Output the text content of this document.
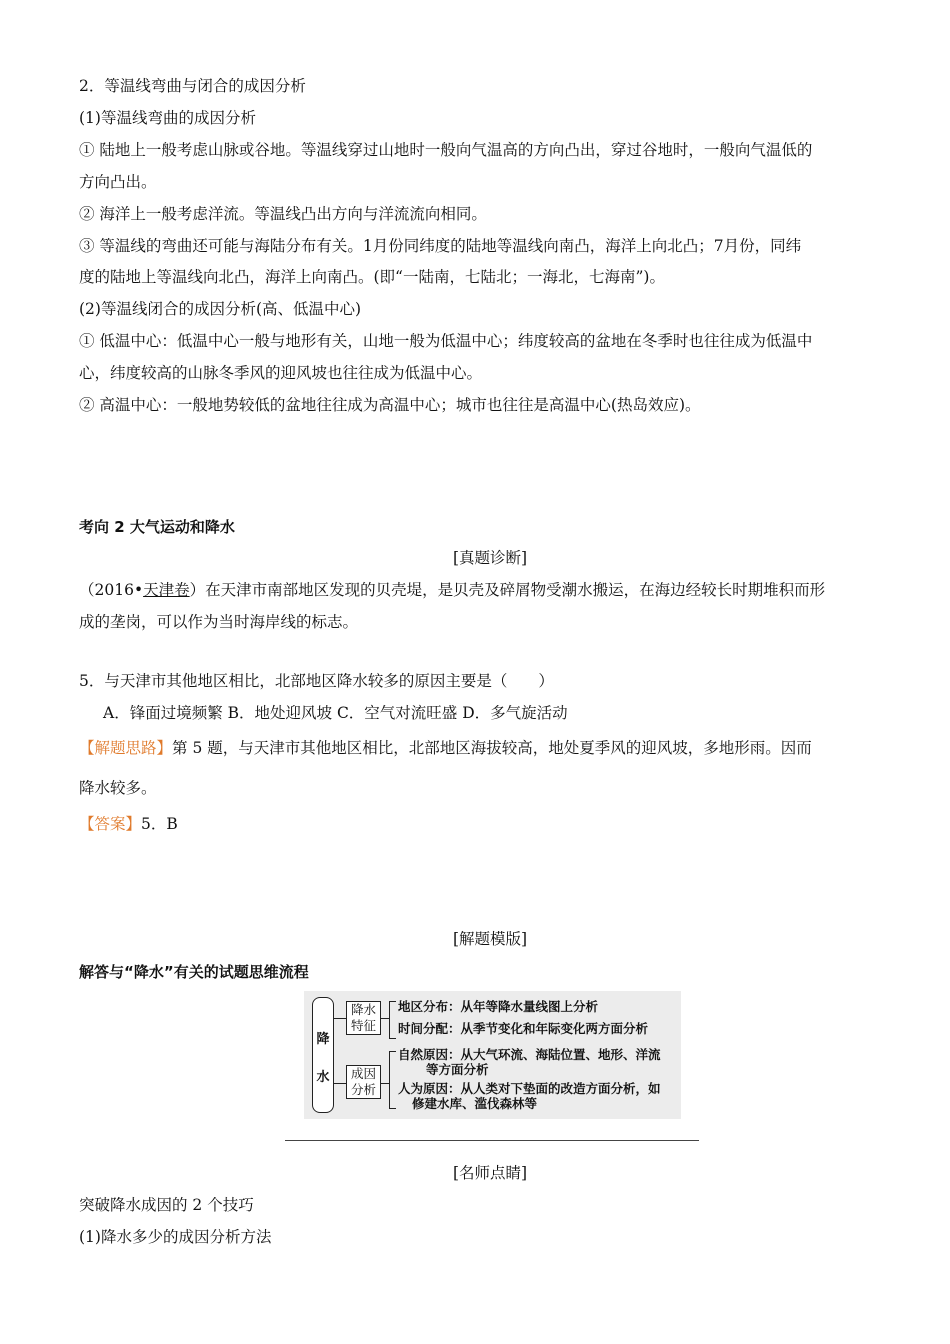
2．等温线弯曲与闭合的成因分析
(1)等温线弯曲的成因分析
① 陆地上一般考虑山脉或谷地。等温线穿过山地时一般向气温高的方向凸出，穿过谷地时，一般向气温低的
方向凸出。
② 海洋上一般考虑洋流。等温线凸出方向与洋流流向相同。
③ 等温线的弯曲还可能与海陆分布有关。1月份同纬度的陆地等温线向南凸，海洋上向北凸；7月份，同纬
度的陆地上等温线向北凸，海洋上向南凸。(即“一陆南，七陆北；一海北，七海南”)。
(2)等温线闭合的成因分析(高、低温中心)
① 低温中心：低温中心一般与地形有关，山地一般为低温中心；纬度较高的盆地在冬季时也往往成为低温中
心，纬度较高的山脉冬季风的迎风坡也往往成为低温中心。
② 高温中心：一般地势较低的盆地往往成为高温中心；城市也往往是高温中心(热岛效应)。
考向 2 大气运动和降水
[真题诊断]
（2016•天津卷）在天津市南部地区发现的贝壳堤，是贝壳及碎屑物受潮水搬运，在海边经较长时期堆积而形
成的垄岗，可以作为当时海岸线的标志。
5．与天津市其他地区相比，北部地区降水较多的原因主要是（　　）
A．锋面过境频繁 B．地处迎风坡 C．空气对流旺盛 D．多气旋活动
【解题思路】第 5 题，与天津市其他地区相比，北部地区海拔较高，地处夏季风的迎风坡，多地形雨。因而
降水较多。
【答案】5．B
[解题模版]
解答与“降水”有关的试题思维流程
降
水
降水
特征
地区分布：从年等降水量线图上分析
时间分配：从季节变化和年际变化两方面分析
成因
分析
自然原因：从大气环流、海陆位置、地形、洋流
等方面分析
人为原因：从人类对下垫面的改造方面分析，如
修建水库、滥伐森林等
[名师点睛]
突破降水成因的 2 个技巧
(1)降水多少的成因分析方法
